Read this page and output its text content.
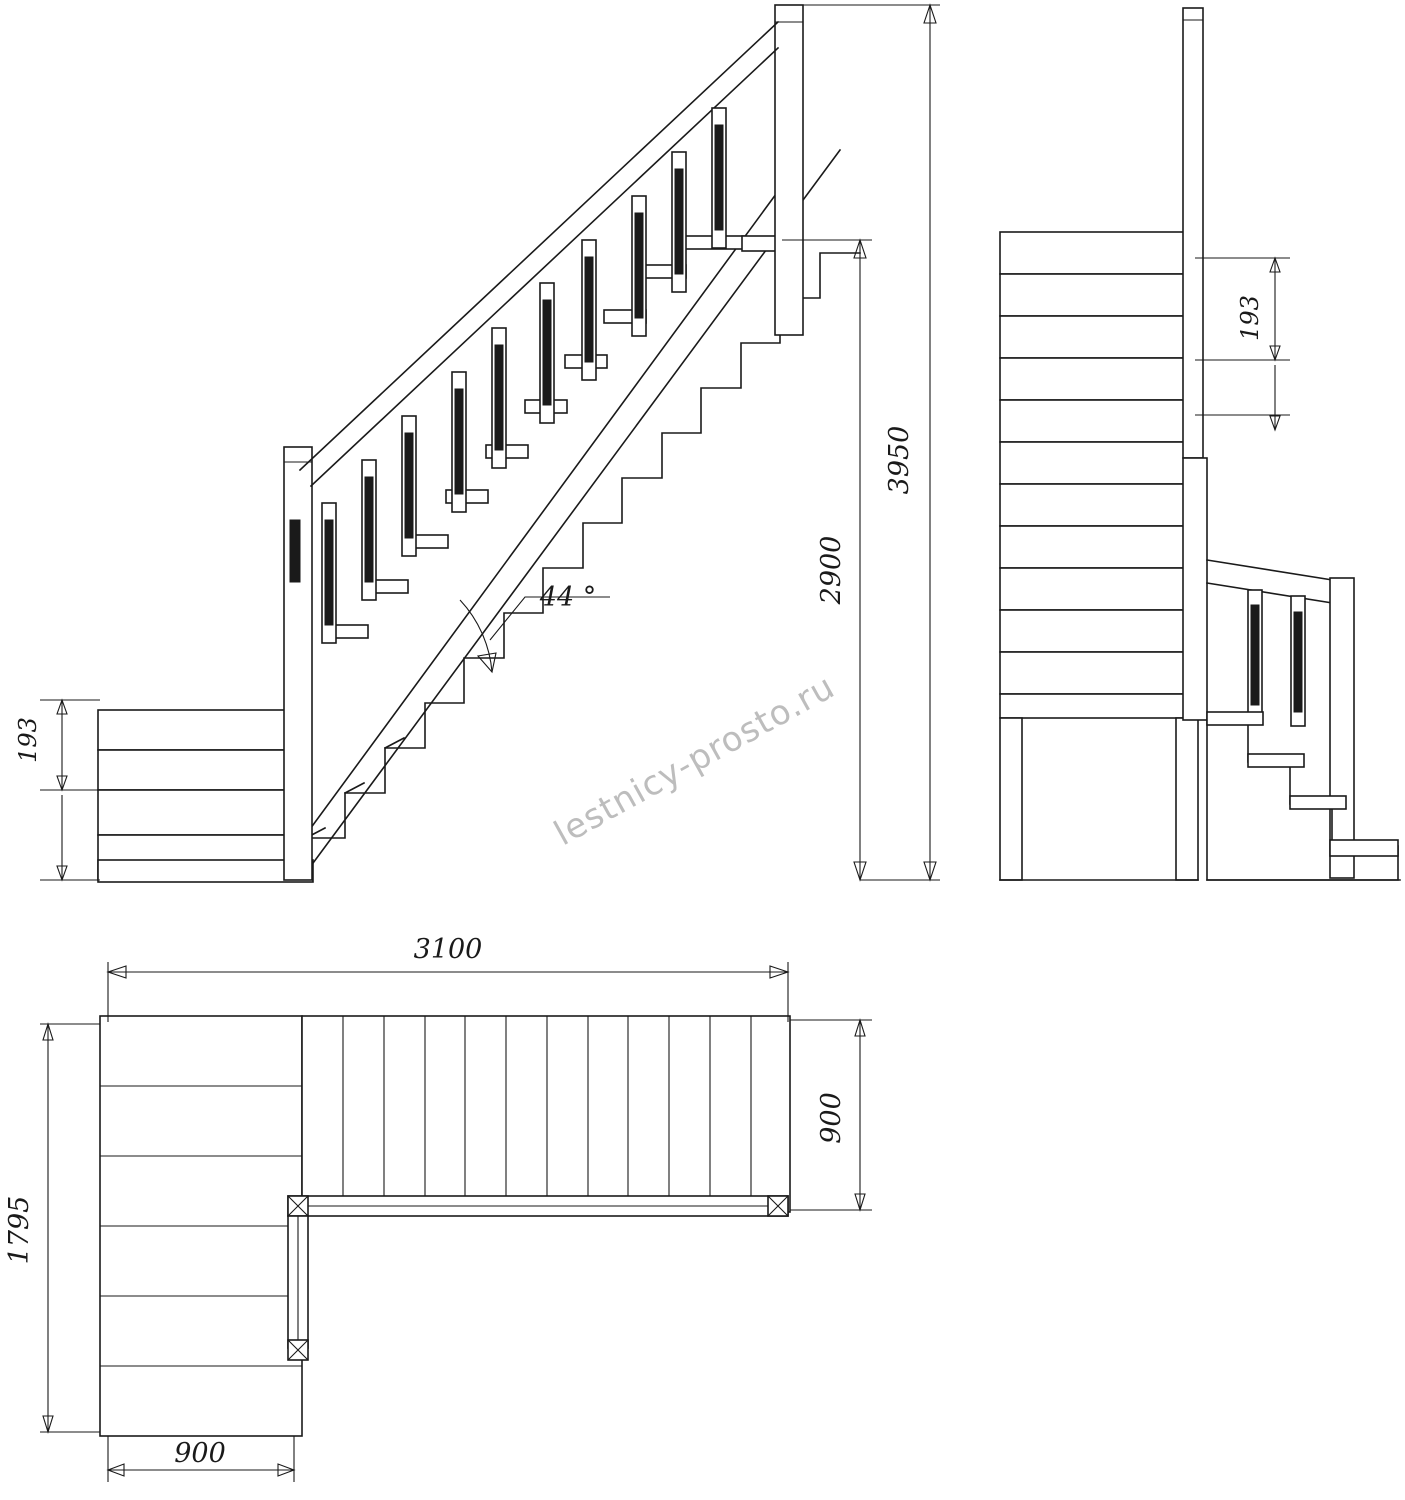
3950
2900
193
193
44 °
3100
900
1795
900
lestnicy-prosto.ru
